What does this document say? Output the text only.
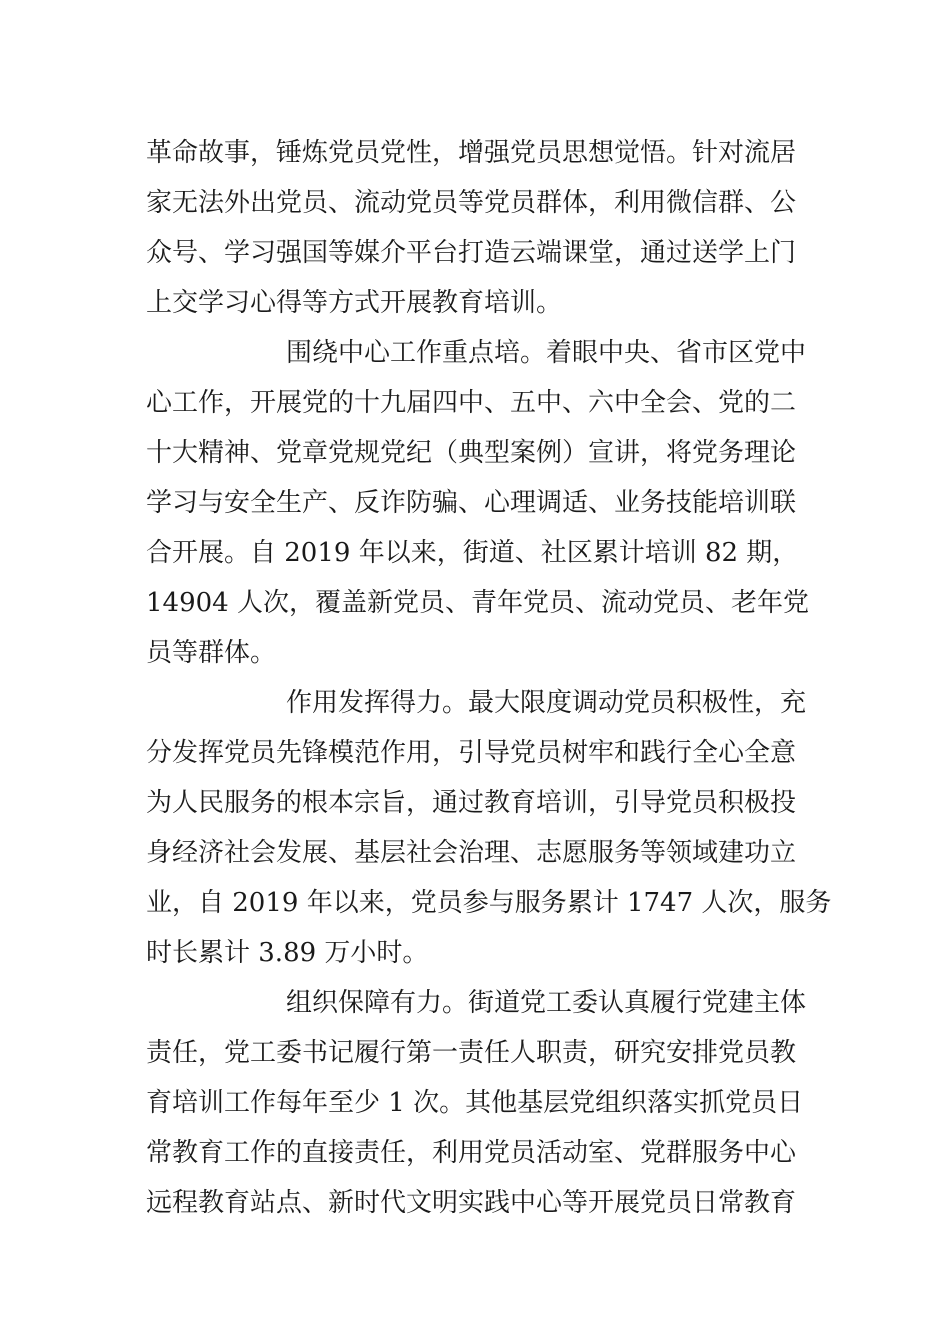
革命故事，锤炼党员党性，增强党员思想觉悟。针对流居
家无法外出党员、流动党员等党员群体，利用微信群、公
众号、学习强国等媒介平台打造云端课堂，通过送学上门
上交学习心得等方式开展教育培训。
围绕中心工作重点培。着眼中央、省市区党中
心工作，开展党的十九届四中、五中、六中全会、党的二
十大精神、党章党规党纪（典型案例）宣讲，将党务理论
学习与安全生产、反诈防骗、心理调适、业务技能培训联
合开展。自 2019 年以来，街道、社区累计培训 82 期，
14904 人次，覆盖新党员、青年党员、流动党员、老年党
员等群体。
作用发挥得力。最大限度调动党员积极性，充
分发挥党员先锋模范作用，引导党员树牢和践行全心全意
为人民服务的根本宗旨，通过教育培训，引导党员积极投
身经济社会发展、基层社会治理、志愿服务等领域建功立
业，自 2019 年以来，党员参与服务累计 1747 人次，服务
时长累计 3.89 万小时。
组织保障有力。街道党工委认真履行党建主体
责任，党工委书记履行第一责任人职责，研究安排党员教
育培训工作每年至少 1 次。其他基层党组织落实抓党员日
常教育工作的直接责任，利用党员活动室、党群服务中心
远程教育站点、新时代文明实践中心等开展党员日常教育
